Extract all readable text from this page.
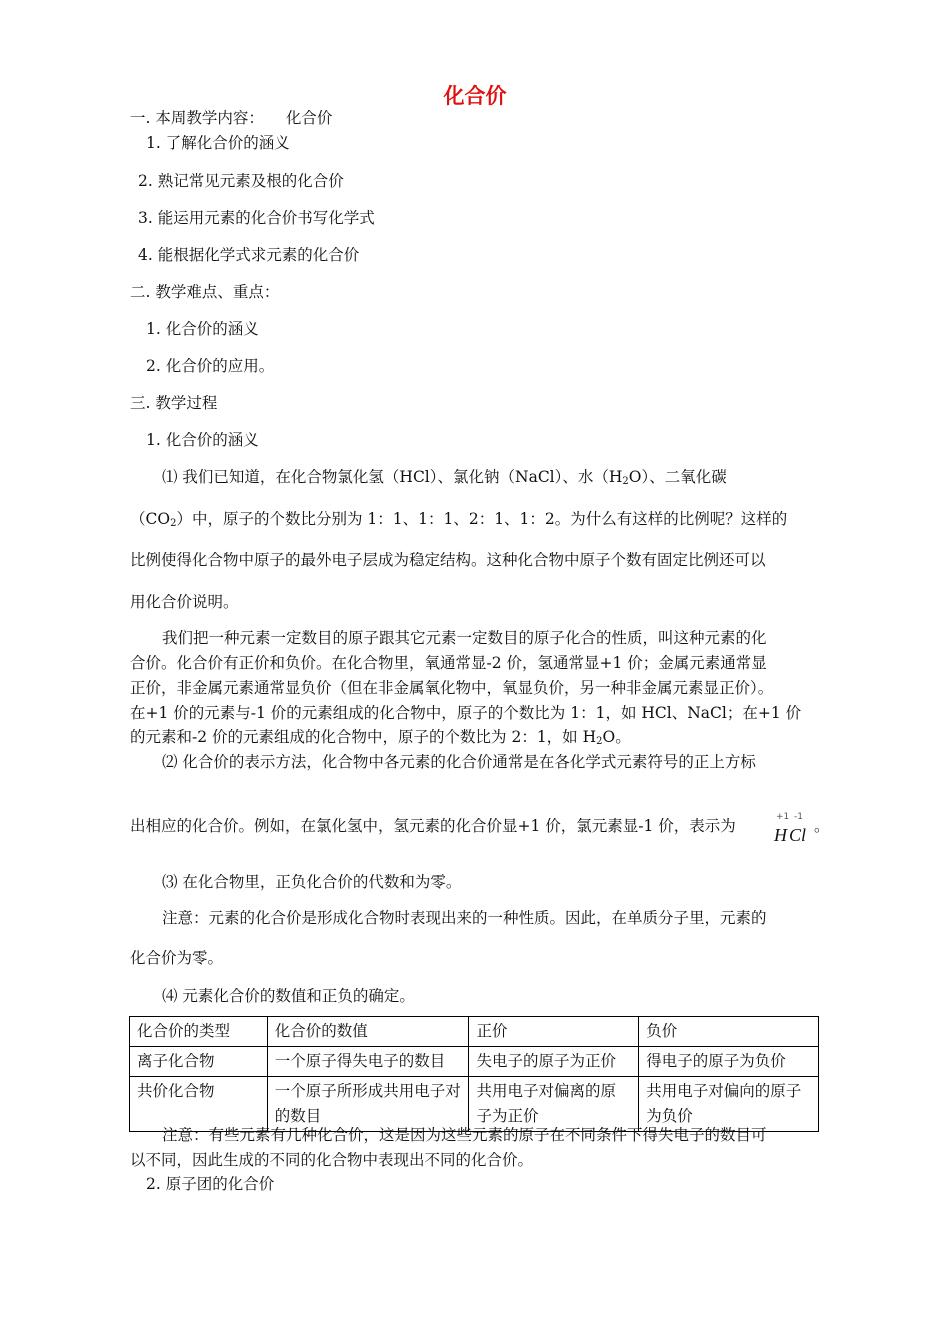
化合价
一. 本周教学内容： 化合价
1. 了解化合价的涵义
2. 熟记常见元素及根的化合价
3. 能运用元素的化合价书写化学式
4. 能根据化学式求元素的化合价
二. 教学难点、重点：
1. 化合价的涵义
2. 化合价的应用。
三. 教学过程
1. 化合价的涵义
⑴ 我们已知道，在化合物氯化氢（HCl）、氯化钠（NaCl）、水$(H_2O)$、二氧化碳
$(CO_2)$中，原子的个数比分别为 1：1、1：1、2：1、1：2。为什么有这样的比例呢？这样的
比例使得化合物中原子的最外电子层成为稳定结构。这种化合物中原子个数有固定比例还可以
用化合价说明。
我们把一种元素一定数目的原子跟其它元素一定数目的原子化合的性质，叫这种元素的化
合价。化合价有正价和负价。在化合物里，氧通常显-2 价，氢通常显+1 价；金属元素通常显
正价，非金属元素通常显负价（但在非金属氧化物中，氧显负价，另一种非金属元素显正价）。
在+1 价的元素与-1 价的元素组成的化合物中，原子的个数比为 1：1，如 HCl、NaCl；在+1 价
的元素和-2 价的元素组成的化合物中，原子的个数比为 2：1，如 $H_2O$。
⑵ 化合价的表示方法，化合物中各元素的化合价通常是在各化学式元素符号的正上方标
出相应的化合价。例如，在氯化氢中，氢元素的化合价显+1 价，氯元素显-1 价，表示为	+1 -1
H Cl 。
⑶ 在化合物里，正负化合价的代数和为零。
注意：元素的化合价是形成化合物时表现出来的一种性质。因此，在单质分子里，元素的
化合价为零。
⑷ 元素化合价的数值和正负的确定。
化合价的类型	化合价的数值	正价	负价
离子化合物	一个原子得失电子的数目	失电子的原子为正价	得电子的原子为负价
共价化合物	一个原子所形成共用电子对的数目	共用电子对偏离的原子为正价	共用电子对偏向的原子为负价
注意：有些元素有几种化合价，这是因为这些元素的原子在不同条件下得失电子的数目可
以不同，因此生成的不同的化合物中表现出不同的化合价。
2. 原子团的化合价
